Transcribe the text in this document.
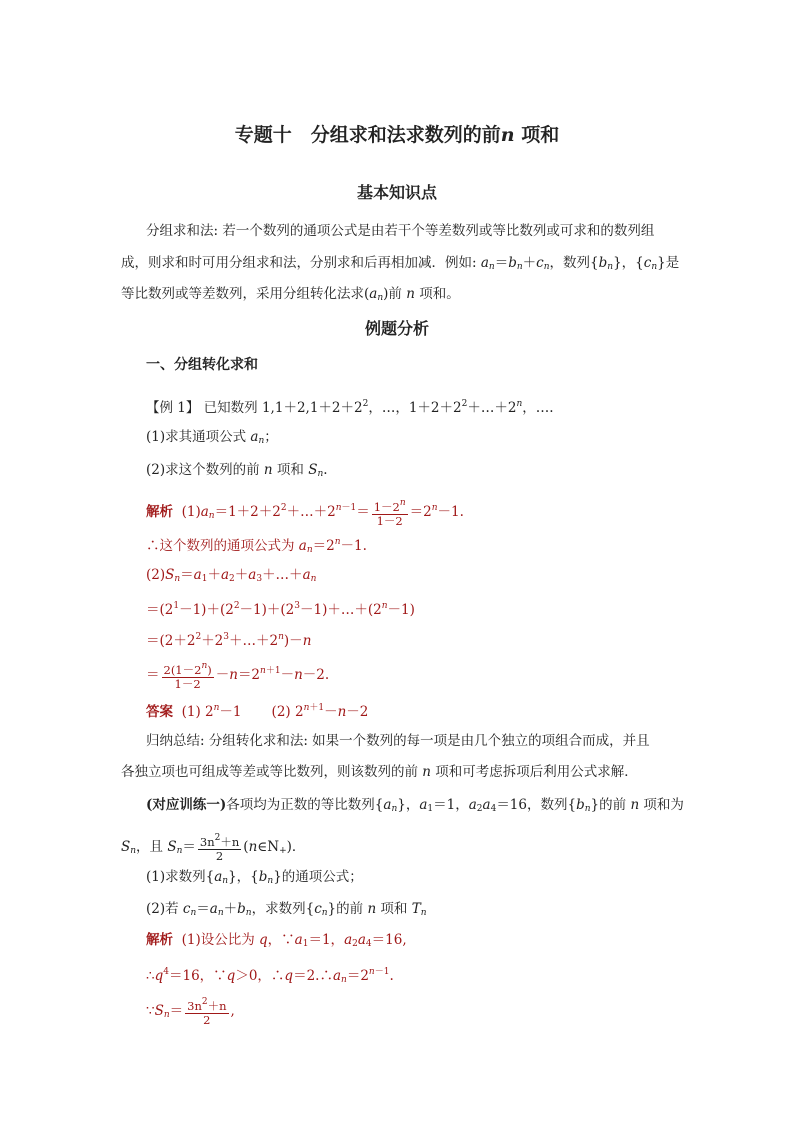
专题十　分组求和法求数列的前n 项和
基本知识点
分组求和法: 若一个数列的通项公式是由若干个等差数列或等比数列或可求和的数列组
成，则求和时可用分组求和法，分别求和后再相加减．例如: $a_n=b_n+c_n$，数列$\{b_n\}$，$\{c_n\}$是
等比数列或等差数列，采用分组转化法求$(a_n)$前 n 项和。
例题分析
一、分组转化求和
【例 1】 已知数列 $1,1+2,1+2+2^2$，…，$1+2+2^2+\dots+2^n$，….
(1)求其通项公式 $a_n$；
(2)求这个数列的前 n 项和 $S_n$.
解析 $(1)a_n=1+2+2^2+\dots+2^{n-1}= \frac{1-2^n}{1-2} =2^n-1$.
∴这个数列的通项公式为 $a_n=2^n-1$.
$(2)S_n=a_1+a_2+a_3+\dots+a_n$
$=(2^1-1)+(2^2-1)+(2^3-1)+\dots+(2^n-1)$
$=(2+2^2+2^3+\dots+2^n)-n$
＝ $\frac{2(1-2^n)}{1-2} -n=2^{n+1}-n-2$.
答案 (1) $2^n-1$ (2) $2^{n+1}-n-2$
归纳总结: 分组转化求和法: 如果一个数列的每一项是由几个独立的项组合而成，并且
各独立项也可组成等差或等比数列，则该数列的前 n 项和可考虑拆项后利用公式求解．
(对应训练一)各项均为正数的等比数列$\{a_n\}$，$a_1=1$，$a_2a_4=16$，数列$\{b_n\}$的前 n 项和为
$S_n$，且 $S_n= \frac{3n^2+n}{2}$ $(n\in N_+)$．
(1)求数列$\{a_n\}$，$\{b_n\}$的通项公式；
(2)若 $c_n=a_n+b_n$，求数列$\{c_n\}$的前 n 项和 $T_n$
解析 (1)设公比为 q，$\because a_1=1$，$a_2a_4=16$,
$\therefore q^4=16$，∵q＞0，$\therefore q=2.\therefore a_n=2^{n-1}$.
$\because S_n= \frac{3n^2+n}{2}$ ,
